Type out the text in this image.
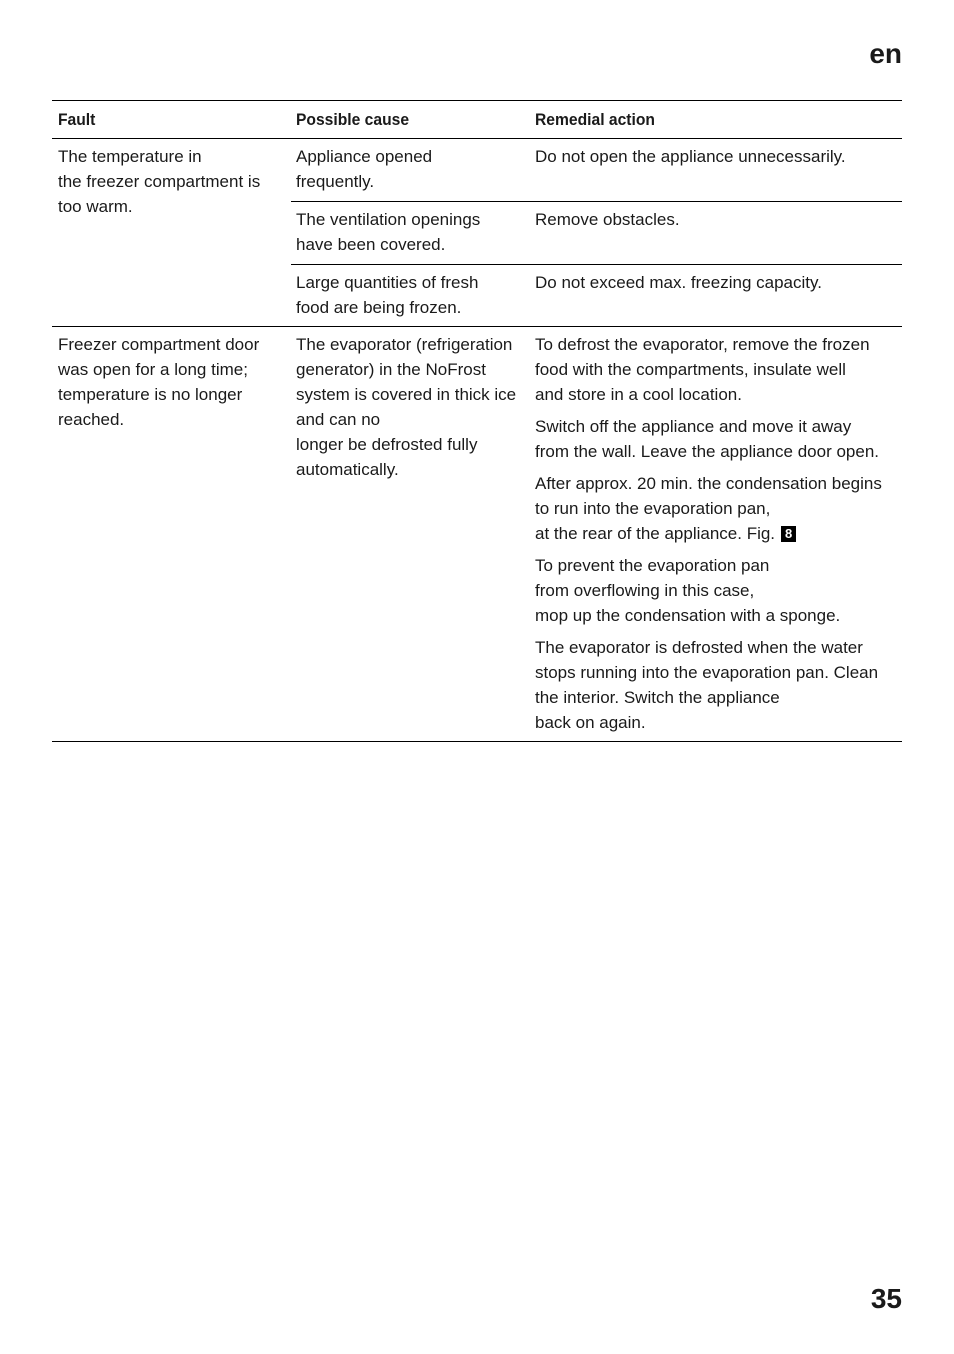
en
Fault	Possible cause	Remedial action
The temperature in
the freezer compartment is
too warm.
Appliance opened
frequently.
Do not open the appliance unnecessarily.
The ventilation openings
have been covered.
Remove obstacles.
Large quantities of fresh
food are being frozen.
Do not exceed max. freezing capacity.
Freezer compartment door
was open for a long time;
temperature is no longer
reached.
The evaporator (refrigeration
generator) in the NoFrost
system is covered in thick ice
and can no
longer be defrosted fully
automatically.
To defrost the evaporator, remove the frozen
food with the compartments, insulate well
and store in a cool location.
Switch off the appliance and move it away
from the wall. Leave the appliance door open.
After approx. 20 min. the condensation begins
to run into the evaporation pan,
at the rear of the appliance. Fig. 8
To prevent the evaporation pan
from overflowing in this case,
mop up the condensation with a sponge.
The evaporator is defrosted when the water
stops running into the evaporation pan. Clean
the interior. Switch the appliance
back on again.
35
